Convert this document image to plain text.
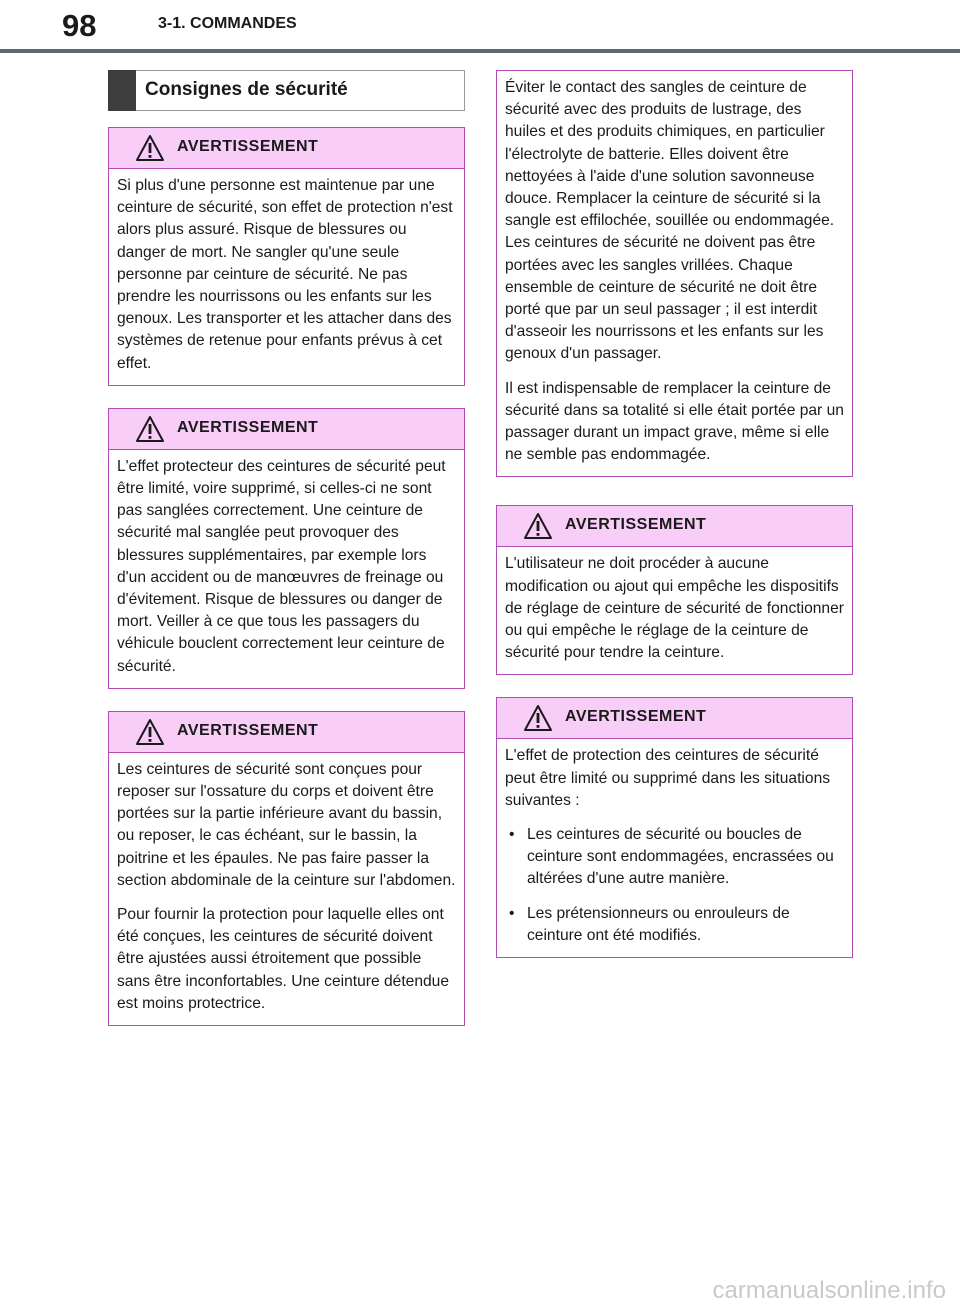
98	3-1. COMMANDES
Consignes de sécurité
AVERTISSEMENT

Si plus d'une personne est maintenue par une ceinture de sécurité, son effet de protection n'est alors plus assuré. Risque de blessures ou danger de mort. Ne sangler qu'une seule personne par ceinture de sécurité. Ne pas prendre les nourrissons ou les enfants sur les genoux. Les transporter et les attacher dans des systèmes de retenue pour enfants prévus à cet effet.

AVERTISSEMENT

L'effet protecteur des ceintures de sécurité peut être limité, voire supprimé, si celles-ci ne sont pas sanglées correctement. Une ceinture de sécurité mal sanglée peut provoquer des blessures supplémentaires, par exemple lors d'un accident ou de manœuvres de freinage ou d'évitement. Risque de blessures ou danger de mort. Veiller à ce que tous les passagers du véhicule bouclent correctement leur ceinture de sécurité.

AVERTISSEMENT

Les ceintures de sécurité sont conçues pour reposer sur l'ossature du corps et doivent être portées sur la partie inférieure avant du bassin, ou reposer, le cas échéant, sur le bassin, la poitrine et les épaules. Ne pas faire passer la section abdominale de la ceinture sur l'abdomen.

Pour fournir la protection pour laquelle elles ont été conçues, les ceintures de sécurité doivent être ajustées aussi étroitement que possible sans être inconfortables. Une ceinture détendue est moins protectrice.

Éviter le contact des sangles de ceinture de sécurité avec des produits de lustrage, des huiles et des produits chimiques, en particulier l'électrolyte de batterie. Elles doivent être nettoyées à l'aide d'une solution savonneuse douce. Remplacer la ceinture de sécurité si la sangle est effilochée, souillée ou endommagée. Les ceintures de sécurité ne doivent pas être portées avec les sangles vrillées. Chaque ensemble de ceinture de sécurité ne doit être porté que par un seul passager ; il est interdit d'asseoir les nourrissons et les enfants sur les genoux d'un passager.

Il est indispensable de remplacer la ceinture de sécurité dans sa totalité si elle était portée par un passager durant un impact grave, même si elle ne semble pas endommagée.

AVERTISSEMENT

L'utilisateur ne doit procéder à aucune modification ou ajout qui empêche les dispositifs de réglage de ceinture de sécurité de fonctionner ou qui empêche le réglage de la ceinture de sécurité pour tendre la ceinture.

AVERTISSEMENT

L'effet de protection des ceintures de sécurité peut être limité ou supprimé dans les situations suivantes :

• Les ceintures de sécurité ou boucles de ceinture sont endommagées, encrassées ou altérées d'une autre manière.
• Les prétensionneurs ou enrouleurs de ceinture ont été modifiés.
carmanualsonline.info
